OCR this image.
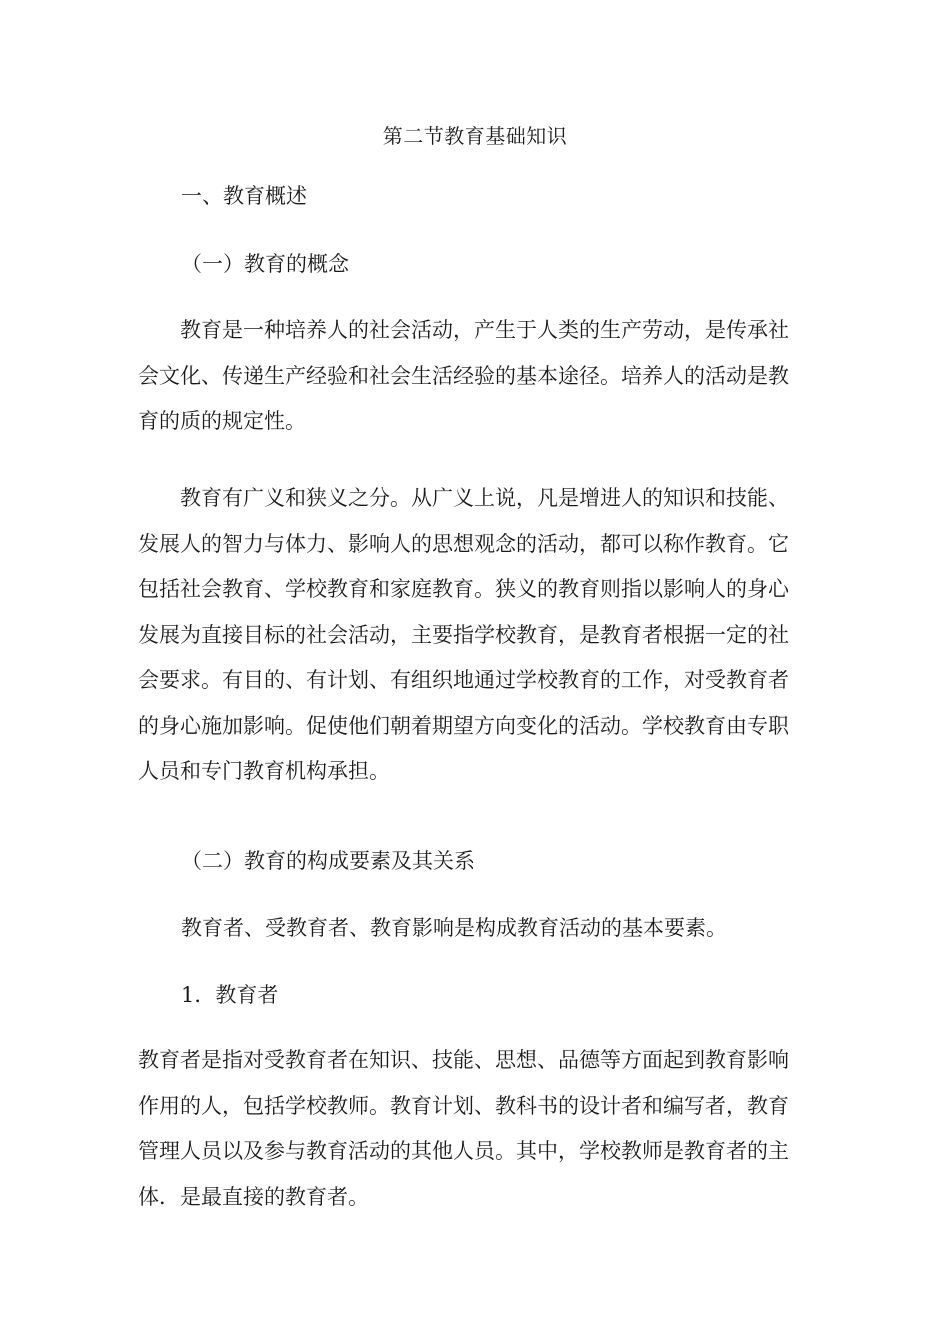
第二节教育基础知识
一、教育概述
（一）教育的概念

　　教育是一种培养人的社会活动，产生于人类的生产劳动，是传承社

会文化、传递生产经验和社会生活经验的基本途径。培养人的活动是教

育的质的规定性。

　　教育有广义和狭义之分。从广义上说，凡是增进人的知识和技能、

发展人的智力与体力、影响人的思想观念的活动，都可以称作教育。它

包括社会教育、学校教育和家庭教育。狭义的教育则指以影响人的身心

发展为直接目标的社会活动，主要指学校教育，是教育者根据一定的社

会要求。有目的、有计划、有组织地通过学校教育的工作，对受教育者

的身心施加影响。促使他们朝着期望方向变化的活动。学校教育由专职

人员和专门教育机构承担。

（二）教育的构成要素及其关系
教育者、受教育者、教育影响是构成教育活动的基本要素。
1．教育者

教育者是指对受教育者在知识、技能、思想、品德等方面起到教育影响

作用的人，包括学校教师。教育计划、教科书的设计者和编写者，教育

管理人员以及参与教育活动的其他人员。其中，学校教师是教育者的主

体．是最直接的教育者。
